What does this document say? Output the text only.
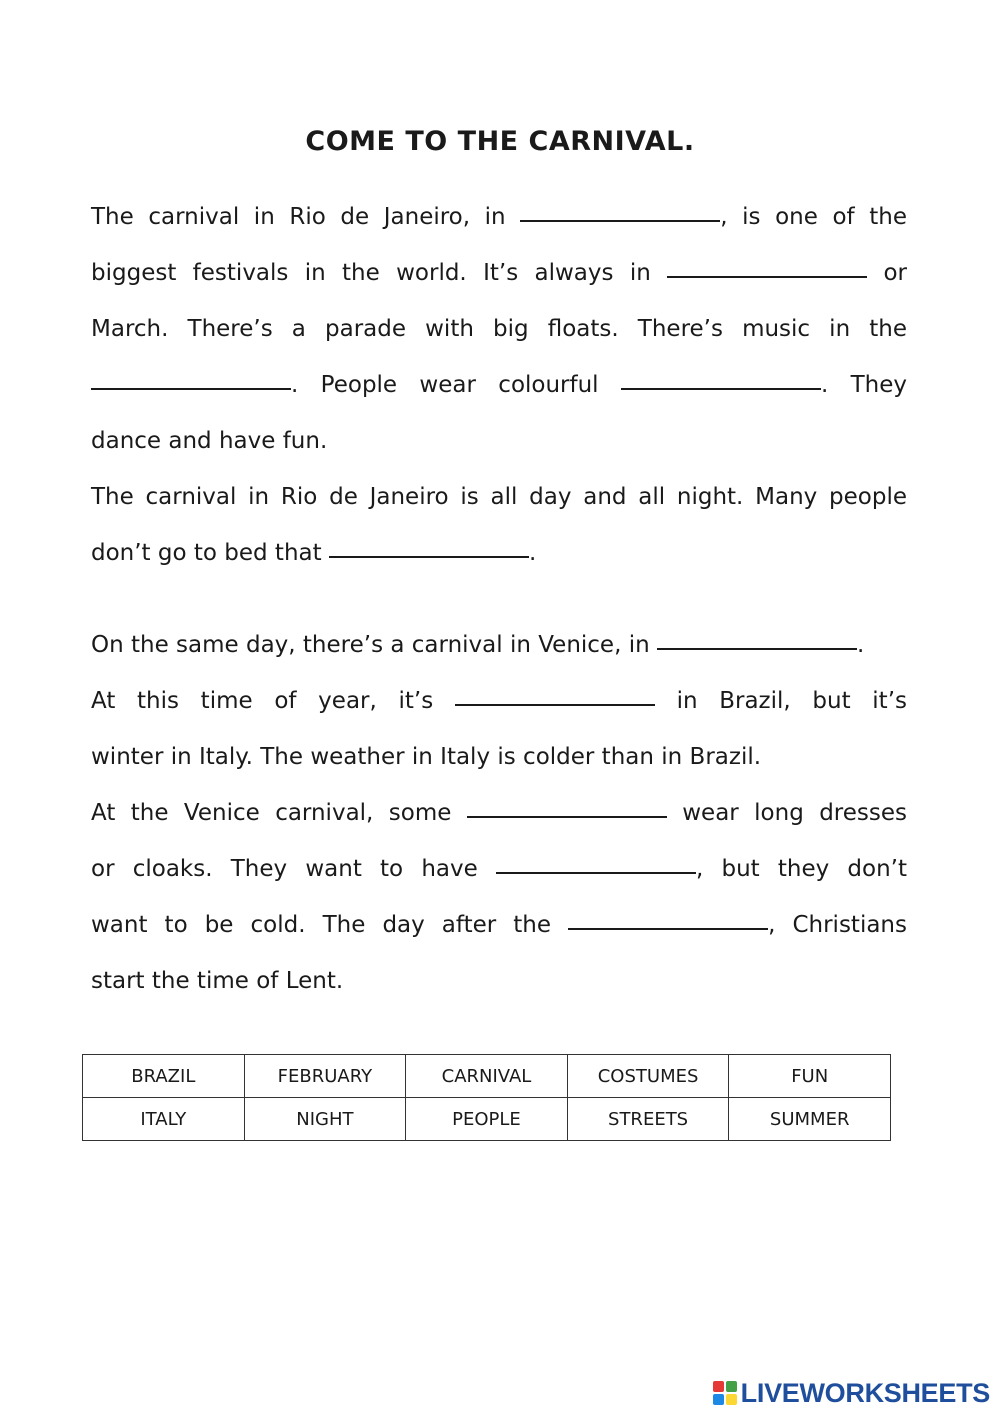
COME TO THE CARNIVAL.
The carnival in Rio de Janeiro, in	, is one of the
biggest festivals in the world. It’s always in	or
March. There’s a parade with big floats. There’s music in the
. People wear colourful	. They
dance and have fun.
The carnival in Rio de Janeiro is all day and all night. Many people
don’t go to bed that	.
On the same day, there’s a carnival in Venice, in	.
At this time of year, it’s	in Brazil, but it’s
winter in Italy. The weather in Italy is colder than in Brazil.
At the Venice carnival, some	wear long dresses
or cloaks. They want to have	, but they don’t
want to be cold. The day after the	, Christians
start the time of Lent.
BRAZIL	FEBRUARY	CARNIVAL	COSTUMES	FUN
ITALY	NIGHT	PEOPLE	STREETS	SUMMER
LIVEWORKSHEETS
